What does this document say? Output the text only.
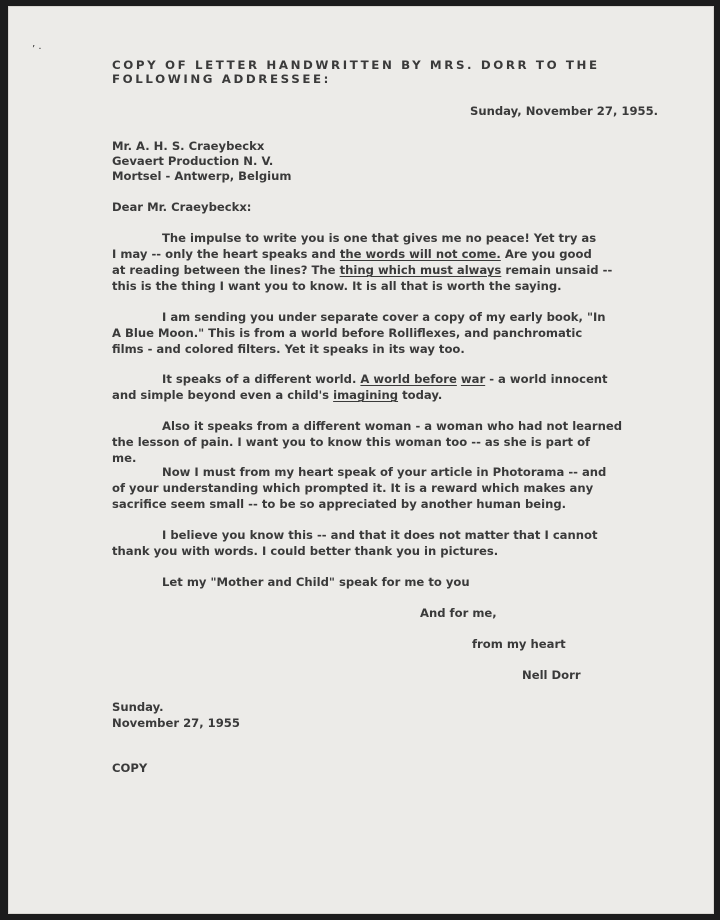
’ ·
COPY OF LETTER HANDWRITTEN BY MRS. DORR TO THE
FOLLOWING ADDRESSEE:
Sunday, November 27, 1955.
Mr. A. H. S. Craeybeckx
Gevaert Production N. V.
Mortsel - Antwerp, Belgium
Dear Mr. Craeybeckx:
The impulse to write you is one that gives me no peace! Yet try as
I may -- only the heart speaks and the words will not come. Are you good
at reading between the lines? The thing which must always remain unsaid --
this is the thing I want you to know. It is all that is worth the saying.
I am sending you under separate cover a copy of my early book, "In
A Blue Moon." This is from a world before Rolliflexes, and panchromatic
films - and colored filters. Yet it speaks in its way too.
It speaks of a different world. A world before war - a world innocent
and simple beyond even a child's imagining today.
Also it speaks from a different woman - a woman who had not learned
the lesson of pain. I want you to know this woman too -- as she is part of
me.
Now I must from my heart speak of your article in Photorama -- and
of your understanding which prompted it. It is a reward which makes any
sacrifice seem small -- to be so appreciated by another human being.
I believe you know this -- and that it does not matter that I cannot
thank you with words. I could better thank you in pictures.
Let my "Mother and Child" speak for me to you
And for me,
from my heart
Nell Dorr
Sunday.
November 27, 1955
COPY
